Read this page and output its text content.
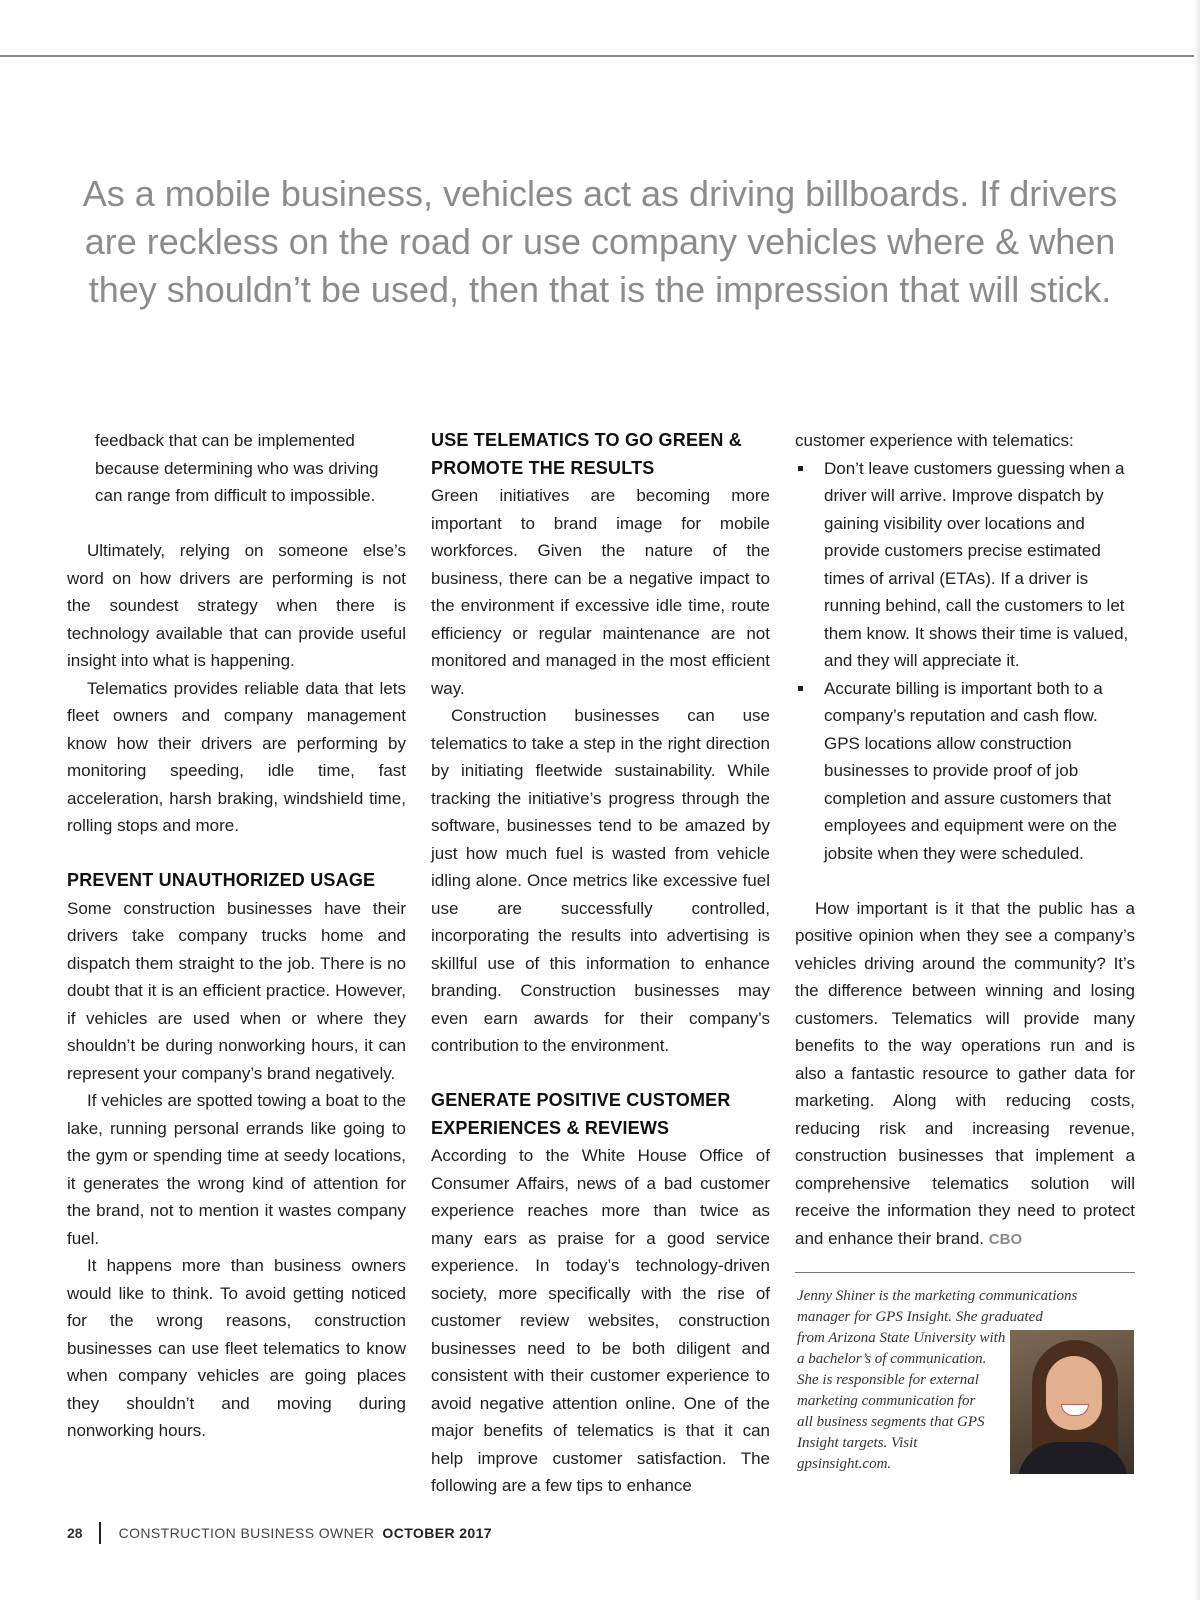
As a mobile business, vehicles act as driving billboards. If drivers are reckless on the road or use company vehicles where & when they shouldn’t be used, then that is the impression that will stick.

feedback that can be implemented because determining who was driving can range from difficult to impossible.

Ultimately, relying on someone else’s word on how drivers are performing is not the soundest strategy when there is technology available that can provide useful insight into what is happening.

Telematics provides reliable data that lets fleet owners and company management know how their drivers are performing by monitoring speeding, idle time, fast acceleration, harsh braking, windshield time, rolling stops and more.

PREVENT UNAUTHORIZED USAGE

Some construction businesses have their drivers take company trucks home and dispatch them straight to the job. There is no doubt that it is an efficient practice. However, if vehicles are used when or where they shouldn’t be during nonworking hours, it can represent your company’s brand negatively.

If vehicles are spotted towing a boat to the lake, running personal errands like going to the gym or spending time at seedy locations, it generates the wrong kind of attention for the brand, not to mention it wastes company fuel.

It happens more than business owners would like to think. To avoid getting noticed for the wrong reasons, construction businesses can use fleet telematics to know when company vehicles are going places they shouldn’t and moving during nonworking hours.

USE TELEMATICS TO GO GREEN & PROMOTE THE RESULTS

Green initiatives are becoming more important to brand image for mobile workforces. Given the nature of the business, there can be a negative impact to the environment if excessive idle time, route efficiency or regular maintenance are not monitored and managed in the most efficient way.

Construction businesses can use telematics to take a step in the right direction by initiating fleetwide sustainability. While tracking the initiative’s progress through the software, businesses tend to be amazed by just how much fuel is wasted from vehicle idling alone. Once metrics like excessive fuel use are successfully controlled, incorporating the results into advertising is skillful use of this information to enhance branding. Construction businesses may even earn awards for their company’s contribution to the environment.

GENERATE POSITIVE CUSTOMER EXPERIENCES & REVIEWS

According to the White House Office of Consumer Affairs, news of a bad customer experience reaches more than twice as many ears as praise for a good service experience. In today’s technology-driven society, more specifically with the rise of customer review websites, construction businesses need to be both diligent and consistent with their customer experience to avoid negative attention online. One of the major benefits of telematics is that it can help improve customer satisfaction. The following are a few tips to enhance

customer experience with telematics:

Don’t leave customers guessing when a driver will arrive. Improve dispatch by gaining visibility over locations and provide customers precise estimated times of arrival (ETAs). If a driver is running behind, call the customers to let them know. It shows their time is valued, and they will appreciate it.
Accurate billing is important both to a company’s reputation and cash flow. GPS locations allow construction businesses to provide proof of job completion and assure customers that employees and equipment were on the jobsite when they were scheduled.

How important is it that the public has a positive opinion when they see a company’s vehicles driving around the community? It’s the difference between winning and losing customers. Telematics will provide many benefits to the way operations run and is also a fantastic resource to gather data for marketing. Along with reducing costs, reducing risk and increasing revenue, construction businesses that implement a comprehensive telematics solution will receive the information they need to protect and enhance their brand. CBO

Jenny Shiner is the marketing communications
manager for GPS Insight. She graduated
from Arizona State University with
a bachelor’s of communication.
She is responsible for external
marketing communication for
all business segments that GPS
Insight targets. Visit
gpsinsight.com.

28	CONSTRUCTION BUSINESS OWNER OCTOBER 2017
